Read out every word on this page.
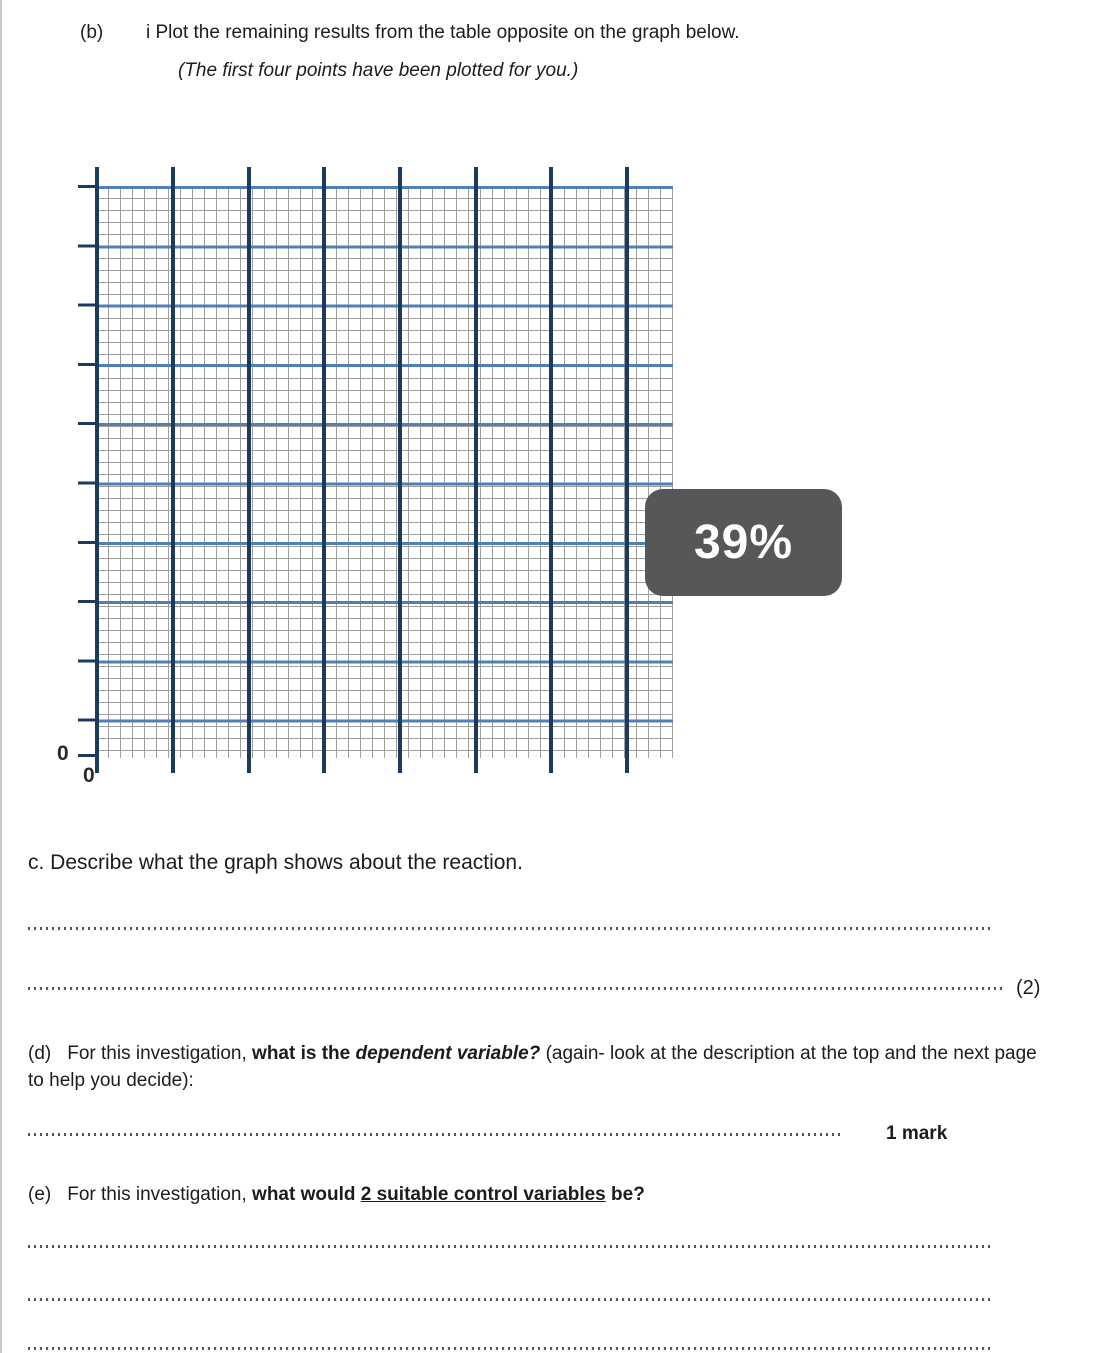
(b) i Plot the remaining results from the table opposite on the graph below.
(The first four points have been plotted for you.)
0
0
39%
c. Describe what the graph shows about the reaction.
(2)
(d) For this investigation, what is the dependent variable? (again- look at the description at the top and the next page to help you decide):
1 mark
(e) For this investigation, what would 2 suitable control variables be?
